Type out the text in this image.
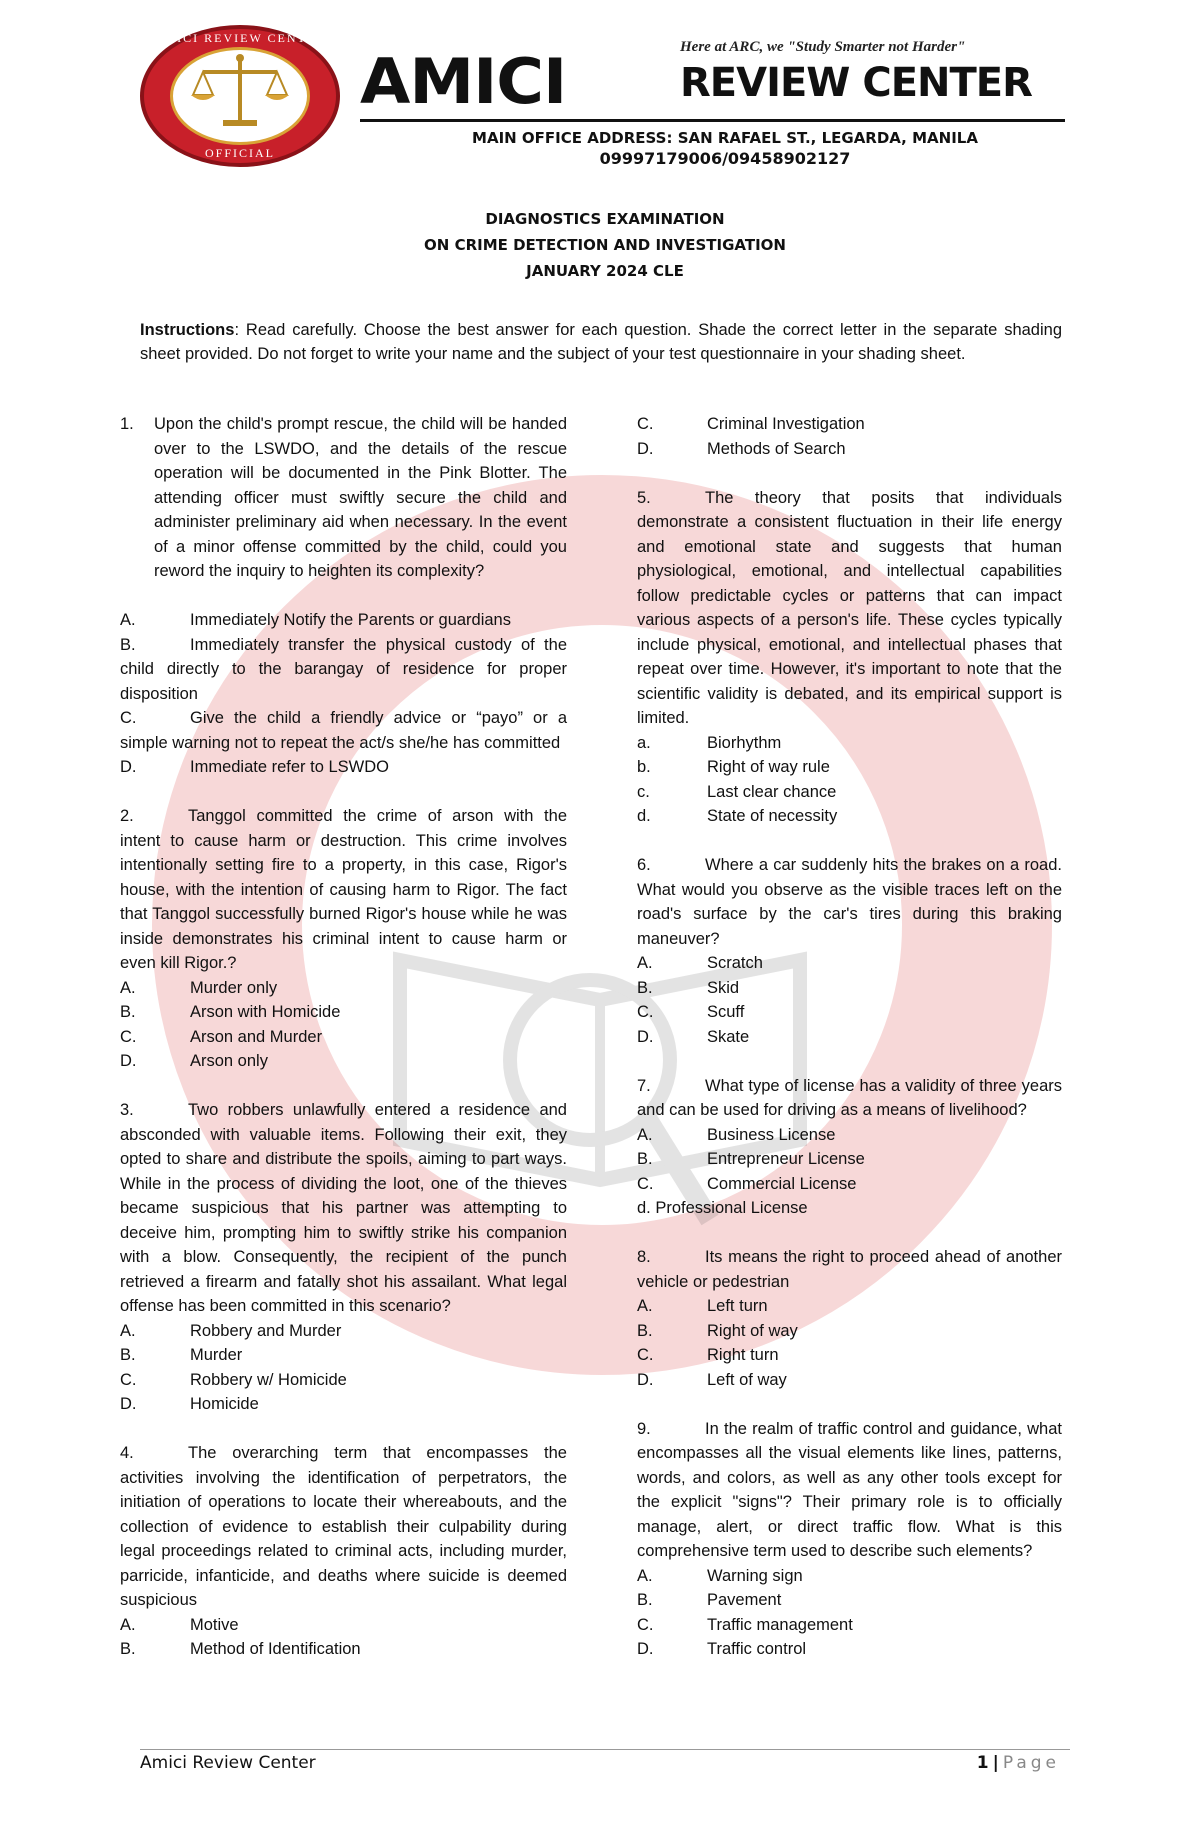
AMICI REVIEW CENTER
OFFICIAL
Here at ARC, we "Study Smarter not Harder"
AMICI	REVIEW CENTER
MAIN OFFICE ADDRESS: SAN RAFAEL ST., LEGARDA, MANILA
09997179006/09458902127
DIAGNOSTICS EXAMINATION
ON CRIME DETECTION AND INVESTIGATION
JANUARY 2024 CLE
Instructions: Read carefully. Choose the best answer for each question. Shade the correct letter in the separate shading sheet provided. Do not forget to write your name and the subject of your test questionnaire in your shading sheet.
1. Upon the child's prompt rescue, the child will be handed over to the LSWDO, and the details of the rescue operation will be documented in the Pink Blotter. The attending officer must swiftly secure the child and administer preliminary aid when necessary. In the event of a minor offense committed by the child, could you reword the inquiry to heighten its complexity?
A.	Immediately Notify the Parents or guardians
B.	Immediately transfer the physical custody of the child directly to the barangay of residence for proper disposition
C.	Give the child a friendly advice or “payo” or a simple warning not to repeat the act/s she/he has committed
D.	Immediate refer to LSWDO
2.	Tanggol committed the crime of arson with the intent to cause harm or destruction. This crime involves intentionally setting fire to a property, in this case, Rigor's house, with the intention of causing harm to Rigor. The fact that Tanggol successfully burned Rigor's house while he was inside demonstrates his criminal intent to cause harm or even kill Rigor.?
A.	Murder only
B.	Arson with Homicide
C.	Arson and Murder
D.	Arson only
3.	Two robbers unlawfully entered a residence and absconded with valuable items. Following their exit, they opted to share and distribute the spoils, aiming to part ways. While in the process of dividing the loot, one of the thieves became suspicious that his partner was attempting to deceive him, prompting him to swiftly strike his companion with a blow. Consequently, the recipient of the punch retrieved a firearm and fatally shot his assailant. What legal offense has been committed in this scenario?
A.	Robbery and Murder
B.	Murder
C.	Robbery w/ Homicide
D.	Homicide
4.	The overarching term that encompasses the activities involving the identification of perpetrators, the initiation of operations to locate their whereabouts, and the collection of evidence to establish their culpability during legal proceedings related to criminal acts, including murder, parricide, infanticide, and deaths where suicide is deemed suspicious
A.	Motive
B.	Method of Identification
C.	Criminal Investigation
D.	Methods of Search
5.	The theory that posits that individuals demonstrate a consistent fluctuation in their life energy and emotional state and suggests that human physiological, emotional, and intellectual capabilities follow predictable cycles or patterns that can impact various aspects of a person's life. These cycles typically include physical, emotional, and intellectual phases that repeat over time. However, it's important to note that the scientific validity is debated, and its empirical support is limited.
a.	Biorhythm
b.	Right of way rule
c.	Last clear chance
d.	State of necessity
6.	Where a car suddenly hits the brakes on a road. What would you observe as the visible traces left on the road's surface by the car's tires during this braking maneuver?
A.	Scratch
B.	Skid
C.	Scuff
D.	Skate
7.	What type of license has a validity of three years and can be used for driving as a means of livelihood?
A.	Business License
B.	Entrepreneur License
C.	Commercial License
d. Professional License
8.	Its means the right to proceed ahead of another vehicle or pedestrian
A.	Left turn
B.	Right of way
C.	Right turn
D.	Left of way
9.	In the realm of traffic control and guidance, what encompasses all the visual elements like lines, patterns, words, and colors, as well as any other tools except for the explicit "signs"? Their primary role is to officially manage, alert, or direct traffic flow. What is this comprehensive term used to describe such elements?
A.	Warning sign
B.	Pavement
C.	Traffic management
D.	Traffic control
Amici Review Center	1 | Page
